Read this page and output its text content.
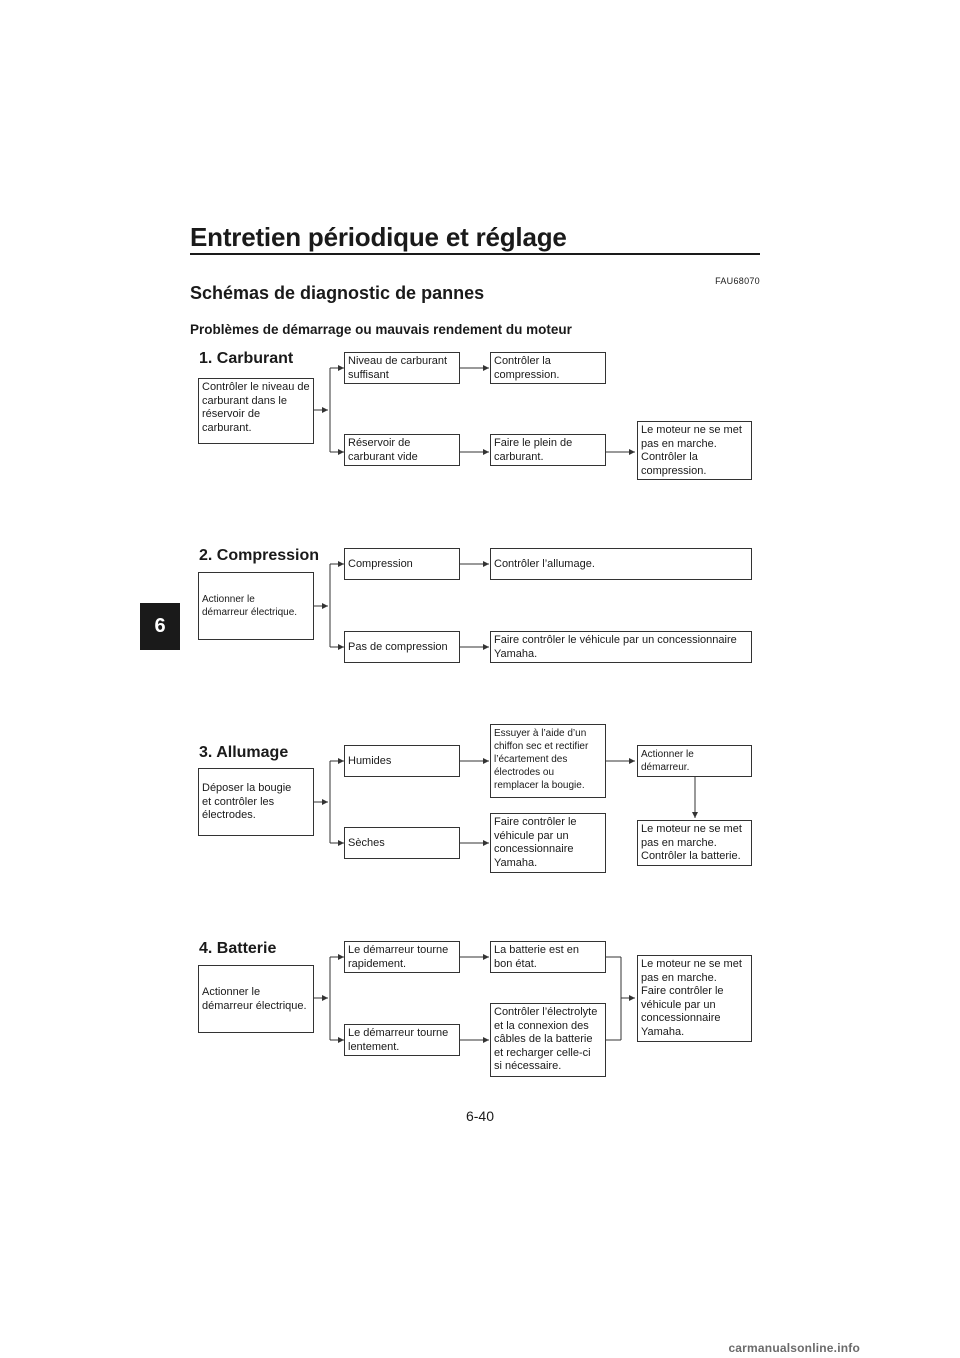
Entretien périodique et réglage
6
FAU68070
Schémas de diagnostic de pannes
Problèmes de démarrage ou mauvais rendement du moteur
1. Carburant
Contrôler le niveau de
carburant dans le
réservoir de
carburant.
Niveau de carburant
suffisant
Réservoir de
carburant vide
Contrôler la
compression.
Faire le plein de
carburant.
Le moteur ne se met
pas en marche.
Contrôler la
compression.
2. Compression
Actionner le
démarreur électrique.
Compression
Pas de compression
Contrôler l’allumage.
Faire contrôler le véhicule par un concessionnaire
Yamaha.
3. Allumage
Déposer la bougie
et contrôler les
électrodes.
Humides
Sèches
Essuyer à l’aide d’un
chiffon sec et rectifier
l’écartement des
électrodes ou
remplacer la bougie.
Faire contrôler le
véhicule par un
concessionnaire
Yamaha.
Actionner le
démarreur.
Le moteur ne se met
pas en marche.
Contrôler la batterie.
4. Batterie
Actionner le
démarreur électrique.
Le démarreur tourne
rapidement.
Le démarreur tourne
lentement.
La batterie est en
bon état.
Contrôler l’électrolyte
et la connexion des
câbles de la batterie
et recharger celle-ci
si nécessaire.
Le moteur ne se met
pas en marche.
Faire contrôler le
véhicule par un
concessionnaire
Yamaha.
6-40
carmanualsonline.info
